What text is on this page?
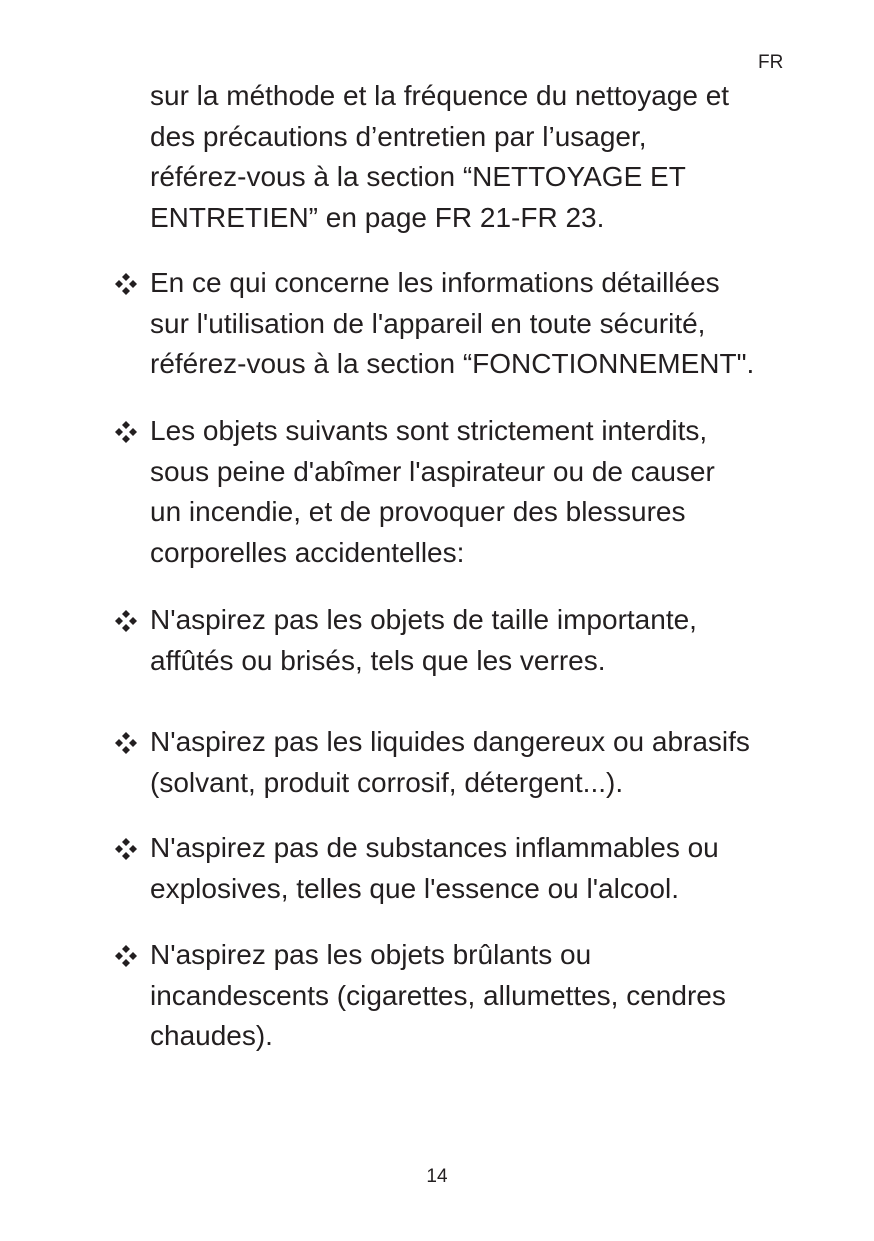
FR
sur la méthode et la fréquence du nettoyage et
des précautions d’entretien par l’usager,
référez-vous à la section “NETTOYAGE ET
ENTRETIEN” en page FR 21-FR 23.
En ce qui concerne les informations détaillées
sur l'utilisation de l'appareil en toute sécurité,
référez-vous à la section “FONCTIONNEMENT".
Les objets suivants sont strictement interdits,
sous peine d'abîmer l'aspirateur ou de causer
un incendie, et de provoquer des blessures
corporelles accidentelles:
N'aspirez pas les objets de taille importante,
affûtés ou brisés, tels que les verres.
N'aspirez pas les liquides dangereux ou abrasifs
(solvant, produit corrosif, détergent...).
N'aspirez pas de substances inflammables ou
explosives, telles que l'essence ou l'alcool.
N'aspirez pas les objets brûlants ou
incandescents (cigarettes, allumettes, cendres
chaudes).
14
